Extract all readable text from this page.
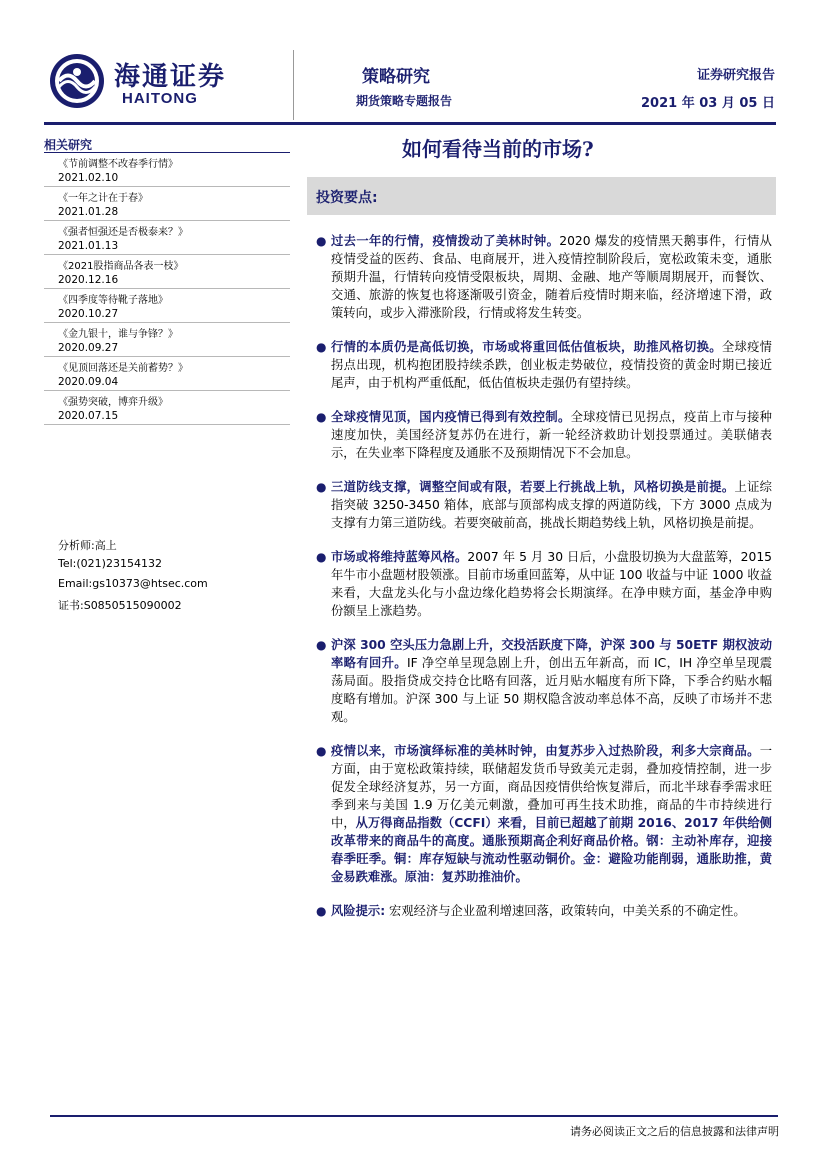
海通证券
HAITONG
策略研究
期货策略专题报告
证券研究报告
2021 年 03 月 05 日
相关研究
《节前调整不改春季行情》
2021.02.10
《一年之计在于春》
2021.01.28
《强者恒强还是否极泰来？》
2021.01.13
《2021股指商品各表一枝》
2020.12.16
《四季度等待靴子落地》
2020.10.27
《金九银十，谁与争锋？》
2020.09.27
《见顶回落还是关前蓄势？》
2020.09.04
《强势突破，博弈升级》
2020.07.15
分析师:高上
Tel:(021)23154132
Email:gs10373@htsec.com
证书:S0850515090002
如何看待当前的市场?
投资要点:
● 过去一年的行情，疫情拨动了美林时钟。2020 爆发的疫情黑天鹅事件，行情从疫情受益的医药、食品、电商展开，进入疫情控制阶段后，宽松政策未变，通胀预期升温，行情转向疫情受限板块，周期、金融、地产等顺周期展开，而餐饮、交通、旅游的恢复也将逐渐吸引资金，随着后疫情时期来临，经济增速下滑，政策转向，或步入滞涨阶段，行情或将发生转变。
● 行情的本质仍是高低切换，市场或将重回低估值板块，助推风格切换。全球疫情拐点出现，机构抱团股持续杀跌，创业板走势破位，疫情投资的黄金时期已接近尾声，由于机构严重低配，低估值板块走强仍有望持续。
● 全球疫情见顶，国内疫情已得到有效控制。全球疫情已见拐点，疫苗上市与接种速度加快，美国经济复苏仍在进行，新一轮经济救助计划投票通过。美联储表示，在失业率下降程度及通胀不及预期情况下不会加息。
● 三道防线支撑，调整空间或有限，若要上行挑战上轨，风格切换是前提。上证综指突破 3250-3450 箱体，底部与顶部构成支撑的两道防线，下方 3000 点成为支撑有力第三道防线。若要突破前高，挑战长期趋势线上轨，风格切换是前提。
● 市场或将维持蓝筹风格。2007 年 5 月 30 日后，小盘股切换为大盘蓝筹，2015 年牛市小盘题材股领涨。目前市场重回蓝筹，从中证 100 收益与中证 1000 收益来看，大盘龙头化与小盘边缘化趋势将会长期演绎。在净申赎方面，基金净申购份额呈上涨趋势。
● 沪深 300 空头压力急剧上升，交投活跃度下降，沪深 300 与 50ETF 期权波动率略有回升。IF 净空单呈现急剧上升，创出五年新高，而 IC，IH 净空单呈现震荡局面。股指贷成交持仓比略有回落，近月贴水幅度有所下降，下季合约贴水幅度略有增加。沪深 300 与上证 50 期权隐含波动率总体不高，反映了市场并不悲观。
● 疫情以来，市场演绎标准的美林时钟，由复苏步入过热阶段，利多大宗商品。一方面，由于宽松政策持续，联储超发货币导致美元走弱，叠加疫情控制，进一步促发全球经济复苏，另一方面，商品因疫情供给恢复滞后，而北半球春季需求旺季到来与美国 1.9 万亿美元刺激，叠加可再生技术助推，商品的牛市持续进行中，从万得商品指数（CCFI）来看，目前已超越了前期 2016、2017 年供给侧改革带来的商品牛的高度。通胀预期高企利好商品价格。钢：主动补库存，迎接春季旺季。铜：库存短缺与流动性驱动铜价。金：避险功能削弱，通胀助推，黄金易跌难涨。原油：复苏助推油价。
● 风险提示: 宏观经济与企业盈利增速回落，政策转向，中美关系的不确定性。
请务必阅读正文之后的信息披露和法律声明
